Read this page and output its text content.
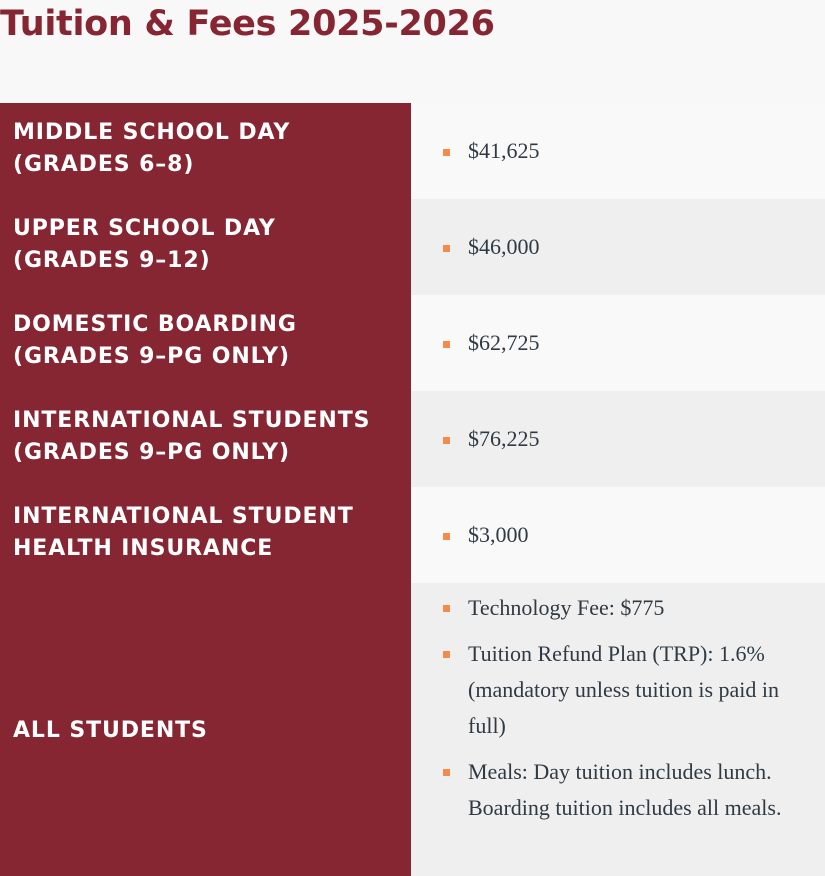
Tuition & Fees 2025-2026
MIDDLE SCHOOL DAY
(GRADES 6–8)
$41,625
UPPER SCHOOL DAY
(GRADES 9–12)
$46,000
DOMESTIC BOARDING
(GRADES 9–PG ONLY)
$62,725
INTERNATIONAL STUDENTS
(GRADES 9–PG ONLY)
$76,225
INTERNATIONAL STUDENT
HEALTH INSURANCE
$3,000
ALL STUDENTS
Technology Fee: $775
Tuition Refund Plan (TRP): 1.6% (mandatory unless tuition is paid in full)
Meals: Day tuition includes lunch. Boarding tuition includes all meals.
